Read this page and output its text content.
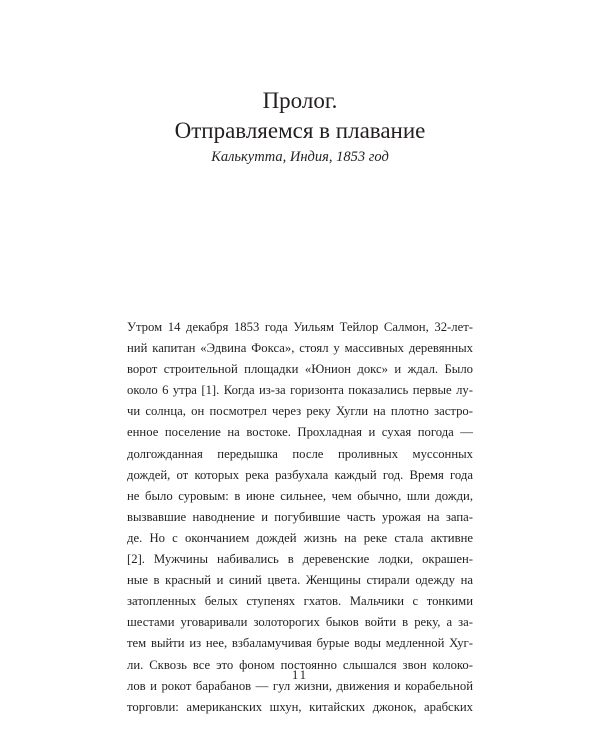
Пролог.
Отправляемся в плавание
Калькутта, Индия, 1853 год
Утром 14 декабря 1853 года Уильям Тейлор Салмон, 32-лет-
ний капитан «Эдвина Фокса», стоял у массивных деревянных
ворот строительной площадки «Юнион докс» и ждал. Было
около 6 утра [1]. Когда из-за горизонта показались первые лу-
чи солнца, он посмотрел через реку Хугли на плотно застро-
енное поселение на востоке. Прохладная и сухая погода —
долгожданная передышка после проливных муссонных
дождей, от которых река разбухала каждый год. Время года
не было суровым: в июне сильнее, чем обычно, шли дожди,
вызвавшие наводнение и погубившие часть урожая на запа-
де. Но с окончанием дождей жизнь на реке стала активне
[2]. Мужчины набивались в деревенские лодки, окрашен-
ные в красный и синий цвета. Женщины стирали одежду на
затопленных белых ступенях гхатов. Мальчики с тонкими
шестами уговаривали золоторогих быков войти в реку, а за-
тем выйти из нее, взбаламучивая бурые воды медленной Хуг-
ли. Сквозь все это фоном постоянно слышался звон колоко-
лов и рокот барабанов — гул жизни, движения и корабельной
торговли: американских шхун, китайских джонок, арабских
11
